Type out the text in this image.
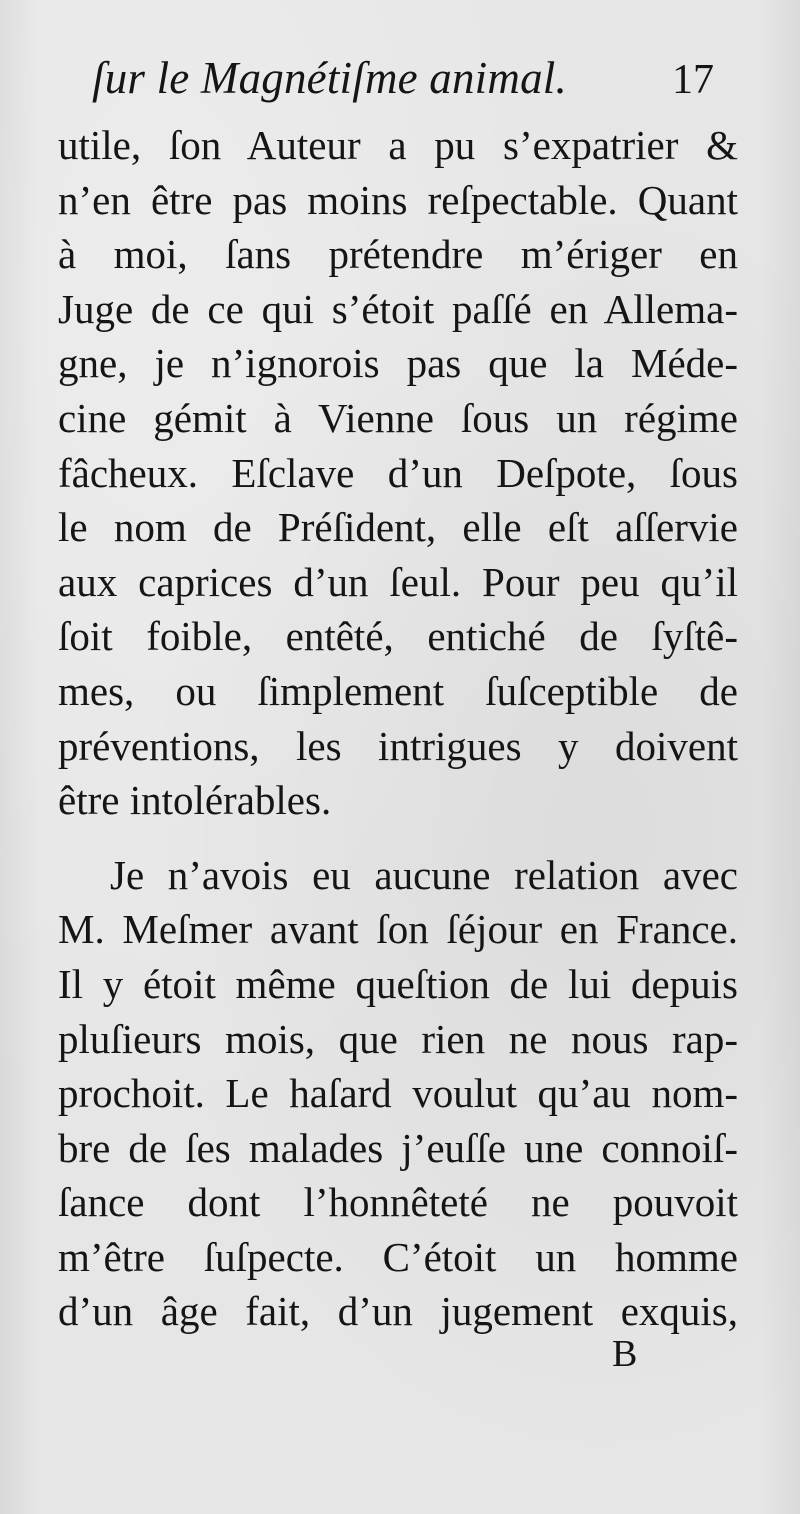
ſur le Magnétiſme animal.	17
utile, ſon Auteur a pu s’expatrier &
n’en être pas moins reſpectable. Quant
à moi, ſans prétendre m’ériger en
Juge de ce qui s’étoit paſſé en Allema-
gne, je n’ignorois pas que la Méde-
cine gémit à Vienne ſous un régime
fâcheux. Eſclave d’un Deſpote, ſous
le nom de Préſident, elle eſt aſſervie
aux caprices d’un ſeul. Pour peu qu’il
ſoit foible, entêté, entiché de ſyſtê-
mes, ou ſimplement ſuſceptible de
préventions, les intrigues y doivent
être intolérables.
Je n’avois eu aucune relation avec
M. Meſmer avant ſon ſéjour en France.
Il y étoit même queſtion de lui depuis
pluſieurs mois, que rien ne nous rap-
prochoit. Le haſard voulut qu’au nom-
bre de ſes malades j’euſſe une connoiſ-
ſance dont l’honnêteté ne pouvoit
m’être ſuſpecte. C’étoit un homme
d’un âge fait, d’un jugement exquis,
B
